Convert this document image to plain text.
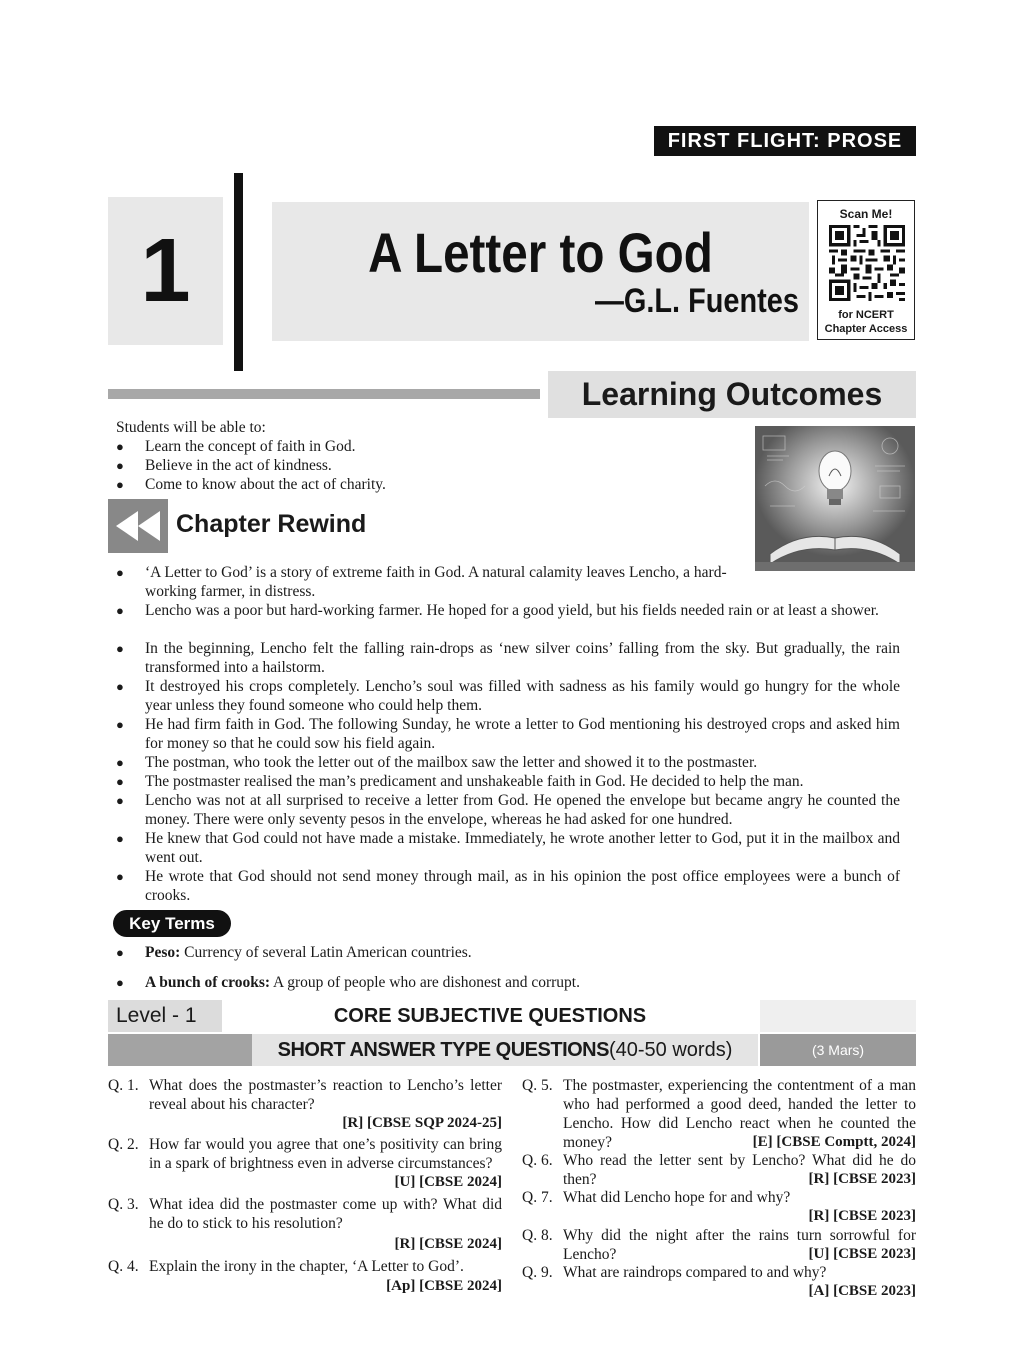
FIRST FLIGHT: PROSE
1	A Letter to God
—G.L. Fuentes
Scan Me!
for NCERT
Chapter Access
Learning Outcomes
Students will be able to:
● Learn the concept of faith in God.
● Believe in the act of kindness.
● Come to know about the act of charity.
Chapter Rewind
● ‘A Letter to God’ is a story of extreme faith in God. A natural calamity leaves Lencho, a hard-working farmer, in distress.
● Lencho was a poor but hard-working farmer. He hoped for a good yield, but his fields needed rain or at least a shower.
● In the beginning, Lencho felt the falling rain-drops as ‘new silver coins’ falling from the sky. But gradually, the rain transformed into a hailstorm.
● It destroyed his crops completely. Lencho’s soul was filled with sadness as his family would go hungry for the whole year unless they found someone who could help them.
● He had firm faith in God. The following Sunday, he wrote a letter to God mentioning his destroyed crops and asked him for money so that he could sow his field again.
● The postman, who took the letter out of the mailbox saw the letter and showed it to the postmaster.
● The postmaster realised the man’s predicament and unshakeable faith in God. He decided to help the man.
● Lencho was not at all surprised to receive a letter from God. He opened the envelope but became angry he counted the money. There were only seventy pesos in the envelope, whereas he had asked for one hundred.
● He knew that God could not have made a mistake. Immediately, he wrote another letter to God, put it in the mailbox and went out.
● He wrote that God should not send money through mail, as in his opinion the post office employees were a bunch of crooks.
Key Terms
● Peso: Currency of several Latin American countries.
● A bunch of crooks: A group of people who are dishonest and corrupt.
Level - 1	CORE SUBJECTIVE QUESTIONS
SHORT ANSWER TYPE QUESTIONS (40-50 words)	(3 Mars)
Q. 1. What does the postmaster’s reaction to Lencho’s letter reveal about his character?
[R] [CBSE SQP 2024-25]
Q. 2. How far would you agree that one’s positivity can bring in a spark of brightness even in adverse circumstances?
[U] [CBSE 2024]
Q. 3. What idea did the postmaster come up with? What did he do to stick to his resolution?
[R] [CBSE 2024]
Q. 4. Explain the irony in the chapter, ‘A Letter to God’.
[Ap] [CBSE 2024]
Q. 5. The postmaster, experiencing the contentment of a man who had performed a good deed, handed the letter to Lencho. How did Lencho react when he counted the money?	[E] [CBSE Comptt, 2024]
Q. 6. Who read the letter sent by Lencho? What did he do then?	[R] [CBSE 2023]
Q. 7. What did Lencho hope for and why?
[R] [CBSE 2023]
Q. 8. Why did the night after the rains turn sorrowful for Lencho?	[U] [CBSE 2023]
Q. 9. What are raindrops compared to and why?
[A] [CBSE 2023]
